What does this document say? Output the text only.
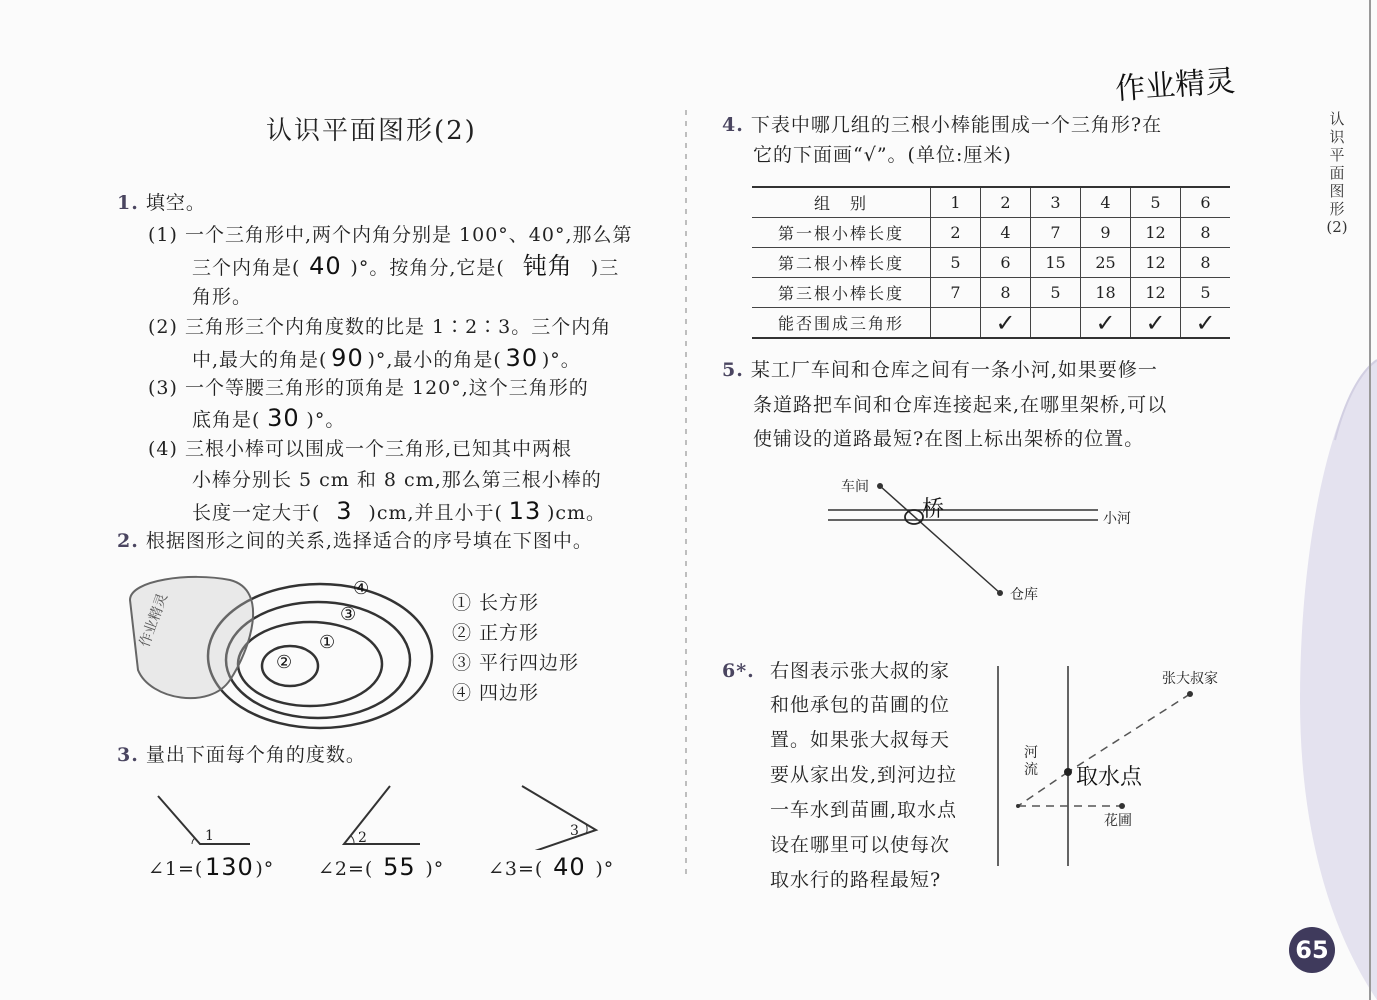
作业精灵
认识平面图形(2)	认识平面图形(2)
65
1. 填空。
(1) 一个三角形中,两个内角分别是 100°、40°,那么第
三个内角是( 40 )°。按角分,它是( 钝角 )三
角形。
(2) 三角形三个内角度数的比是 1∶2∶3。三个内角
中,最大的角是( 90 )°,最小的角是( 30 )°。
(3) 一个等腰三角形的顶角是 120°,这个三角形的
底角是( 30 )°。
(4) 三根小棒可以围成一个三角形,已知其中两根
小棒分别长 5 cm 和 8 cm,那么第三根小棒的
长度一定大于( 3 )cm,并且小于( 13 )cm。
2. 根据图形之间的关系,选择适合的序号填在下图中。
作业精灵
②
①
③
④
① 长方形
② 正方形
③ 平行四边形
④ 四边形
3. 量出下面每个角的度数。
1	2	3
∠1=(130)° ∠2=( 55 )° ∠3=( 40 )°
4. 下表中哪几组的三根小棒能围成一个三角形?在
它的下面画“√”。(单位:厘米)
组　别	1	2	3	4	5	6
第一根小棒长度	2	4	7	9	12	8
第二根小棒长度	5	6	15	25	12	8
第三根小棒长度	7	8	5	18	12	5
能否围成三角形		✓		✓	✓	✓
5. 某工厂车间和仓库之间有一条小河,如果要修一
条道路把车间和仓库连接起来,在哪里架桥,可以
使铺设的道路最短?在图上标出架桥的位置。
车间
桥	小河
仓库
6*. 右图表示张大叔的家
和他承包的苗圃的位
置。如果张大叔每天
要从家出发,到河边拉
一车水到苗圃,取水点
设在哪里可以使每次
取水行的路程最短?
张大叔家
河流 取水点
花圃
